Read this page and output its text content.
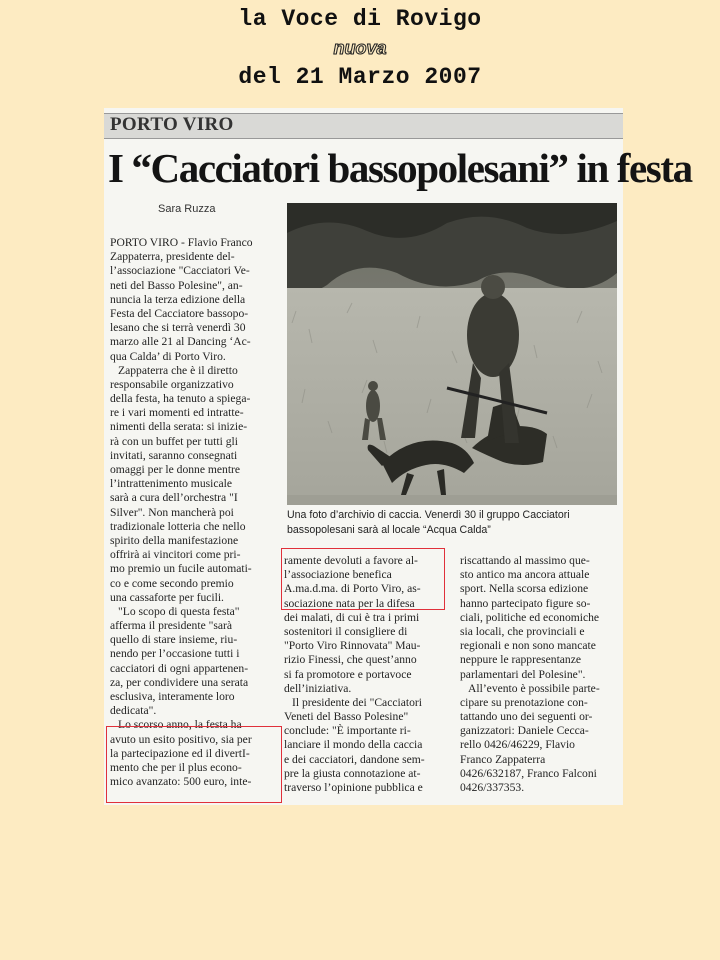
la Voce di Rovigo
nuova
del 21 Marzo 2007
PORTO VIRO
I “Cacciatori bassopolesani” in festa
Sara Ruzza
Una foto d’archivio di caccia. Venerdì 30 il gruppo Cacciatori
bassopolesani sarà al locale “Acqua Calda”
PORTO VIRO - Flavio Franco
Zappaterra, presidente del-
l’associazione "Cacciatori Ve-
neti del Basso Polesine", an-
nuncia la terza edizione della
Festa del Cacciatore bassopo-
lesano che si terrà venerdì 30
marzo alle 21 al Dancing ‘Ac-
qua Calda’ di Porto Viro.
Zappaterra che è il diretto
responsabile organizzativo
della festa, ha tenuto a spiega-
re i vari momenti ed intratte-
nimenti della serata: si inizie-
rà con un buffet per tutti gli
invitati, saranno consegnati
omaggi per le donne mentre
l’intrattenimento musicale
sarà a cura dell’orchestra "I
Silver". Non mancherà poi
tradizionale lotteria che nello
spirito della manifestazione
offrirà ai vincitori come pri-
mo premio un fucile automati-
co e come secondo premio
una cassaforte per fucili.
"Lo scopo di questa festa"
afferma il presidente "sarà
quello di stare insieme, riu-
nendo per l’occasione tutti i
cacciatori di ogni appartenen-
za, per condividere una serata
esclusiva, interamente loro
dedicata".
Lo scorso anno, la festa ha
avuto un esito positivo, sia per
la partecipazione ed il divertI-
mento che per il plus econo-
mico avanzato: 500 euro, inte-
ramente devoluti a favore al-
l’associazione benefica
A.ma.d.ma. di Porto Viro, as-
sociazione nata per la difesa
dei malati, di cui è tra i primi
sostenitori il consigliere di
"Porto Viro Rinnovata" Mau-
rizio Finessi, che quest’anno
si fa promotore e portavoce
dell’iniziativa.
Il presidente dei "Cacciatori
Veneti del Basso Polesine"
conclude: "È importante ri-
lanciare il mondo della caccia
e dei cacciatori, dandone sem-
pre la giusta connotazione at-
traverso l’opinione pubblica e
riscattando al massimo que-
sto antico ma ancora attuale
sport. Nella scorsa edizione
hanno partecipato figure so-
ciali, politiche ed economiche
sia locali, che provinciali e
regionali e non sono mancate
neppure le rappresentanze
parlamentari del Polesine".
All’evento è possibile parte-
cipare su prenotazione con-
tattando uno dei seguenti or-
ganizzatori: Daniele Cecca-
rello 0426/46229, Flavio
Franco Zappaterra
0426/632187, Franco Falconi
0426/337353.
